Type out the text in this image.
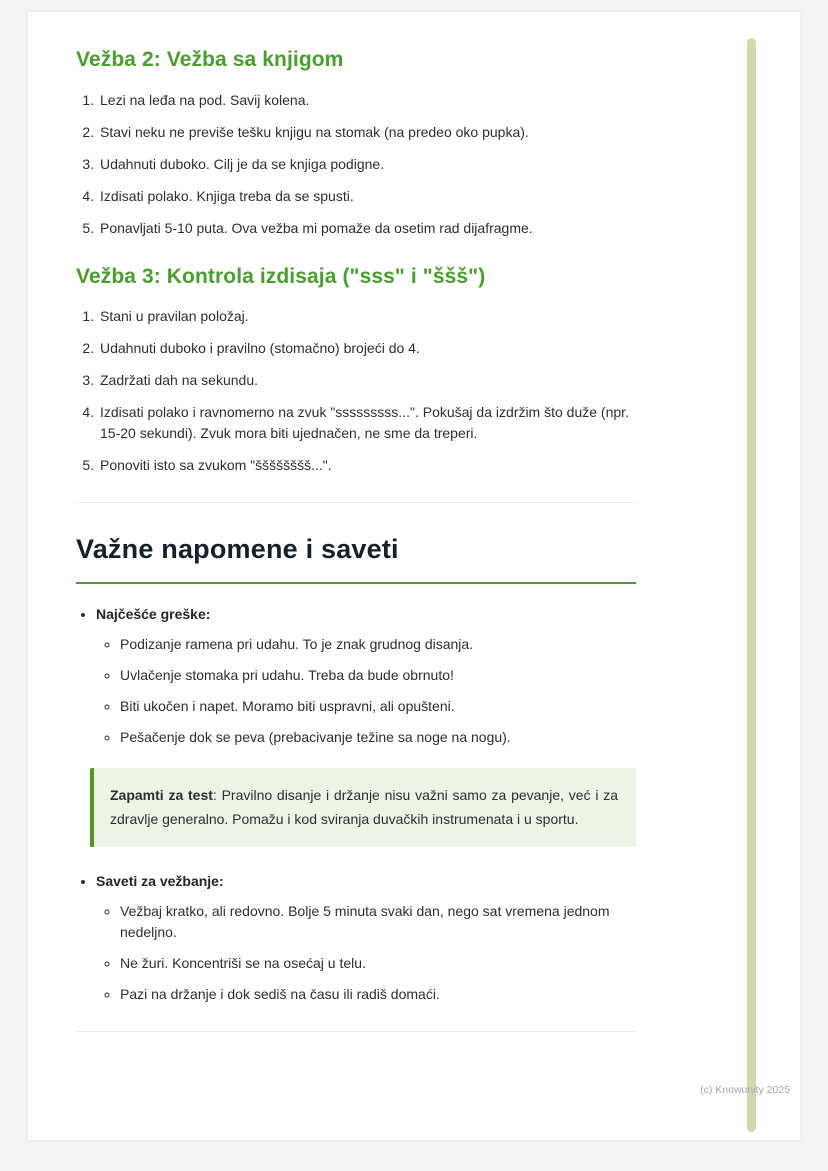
Vežba 2: Vežba sa knjigom
1. Lezi na leđa na pod. Savij kolena.
2. Stavi neku ne previše tešku knjigu na stomak (na predeo oko pupka).
3. Udahnuti duboko. Cilj je da se knjiga podigne.
4. Izdisati polako. Knjiga treba da se spusti.
5. Ponavljati 5-10 puta. Ova vežba mi pomaže da osetim rad dijafragme.
Vežba 3: Kontrola izdisaja ("sss" i "ššš")
1. Stani u pravilan položaj.
2. Udahnuti duboko i pravilno (stomačno) brojeći do 4.
3. Zadržati dah na sekundu.
4. Izdisati polako i ravnomerno na zvuk "sssssssss...". Pokušaj da izdržim što duže (npr. 15-20 sekundi). Zvuk mora biti ujednačen, ne sme da treperi.
5. Ponoviti isto sa zvukom "šššššššš...".
Važne napomene i saveti
• Najčešće greške:
◦ Podizanje ramena pri udahu. To je znak grudnog disanja.
◦ Uvlačenje stomaka pri udahu. Treba da bude obrnuto!
◦ Biti ukočen i napet. Moramo biti uspravni, ali opušteni.
◦ Pešačenje dok se peva (prebacivanje težine sa noge na nogu).

Zapamti za test: Pravilno disanje i držanje nisu važni samo za pevanje, već i za zdravlje generalno. Pomažu i kod sviranja duvačkih instrumenata i u sportu.

• Saveti za vežbanje:
◦ Vežbaj kratko, ali redovno. Bolje 5 minuta svaki dan, nego sat vremena jednom nedeljno.
◦ Ne žuri. Koncentriši se na osećaj u telu.
◦ Pazi na držanje i dok sediš na času ili radiš domaći.
(c) Knowunity 2025
